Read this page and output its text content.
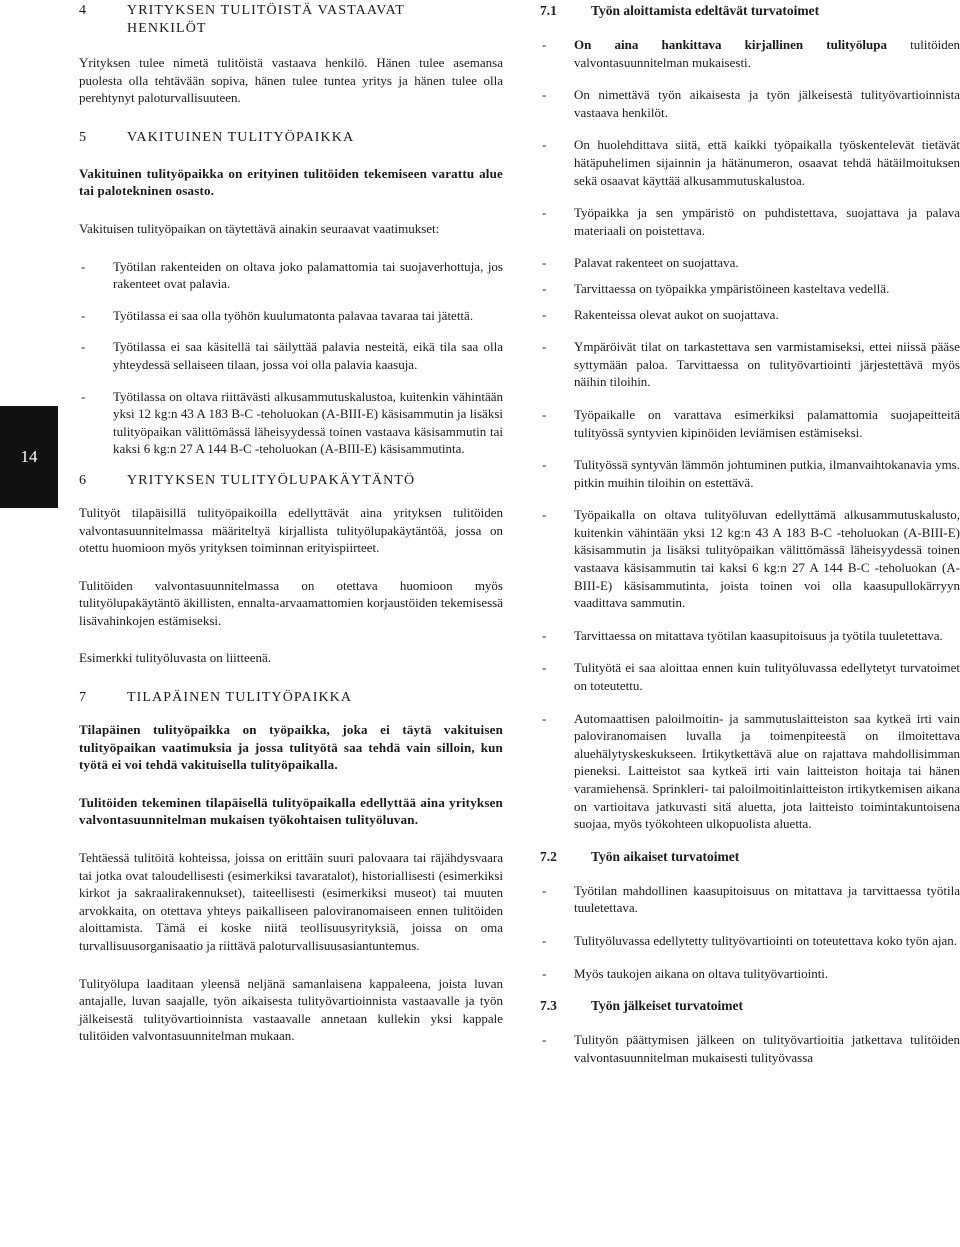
14
4	YRITYKSEN TULITÖISTÄ VASTAAVAT HENKILÖT

Yrityksen tulee nimetä tulitöistä vastaava henkilö. Hänen tulee asemansa puolesta olla tehtävään sopiva, hänen tulee tuntea yritys ja hänen tulee olla perehtynyt paloturvallisuuteen.

5	VAKITUINEN TULITYÖPAIKKA

Vakituinen tulityöpaikka on erityinen tulitöiden tekemiseen varattu alue tai palotekninen osasto.

Vakituisen tulityöpaikan on täytettävä ainakin seuraavat vaatimukset:

- Työtilan rakenteiden on oltava joko palamattomia tai suojaverhottuja, jos rakenteet ovat palavia.
- Työtilassa ei saa olla työhön kuulumatonta palavaa tavaraa tai jätettä.
- Työtilassa ei saa käsitellä tai säilyttää palavia nesteitä, eikä tila saa olla yhteydessä sellaiseen tilaan, jossa voi olla palavia kaasuja.
- Työtilassa on oltava riittävästi alkusammutuskalustoa, kuitenkin vähintään yksi 12 kg:n 43 A 183 B-C -teholuokan (A-BIII-E) käsisammutin ja lisäksi tulityöpaikan välittömässä läheisyydessä toinen vastaava käsisammutin tai kaksi 6 kg:n 27 A 144 B-C -teholuokan (A-BIII-E) käsisammutinta.
6	YRITYKSEN TULITYÖLUPAKÄYTÄNTÖ

Tulityöt tilapäisillä tulityöpaikoilla edellyttävät aina yrityksen tulitöiden valvontasuunnitelmassa määriteltyä kirjallista tulityölupakäytäntöä, jossa on otettu huomioon myös yrityksen toiminnan erityispiirteet.

Tulitöiden valvontasuunnitelmassa on otettava huomioon myös tulityölupakäytäntö äkillisten, ennalta-arvaamattomien korjaustöiden tekemisessä lisävahinkojen estämiseksi.

Esimerkki tulityöluvasta on liitteenä.

7	TILAPÄINEN TULITYÖPAIKKA

Tilapäinen tulityöpaikka on työpaikka, joka ei täytä vakituisen tulityöpaikan vaatimuksia ja jossa tulityötä saa tehdä vain silloin, kun työtä ei voi tehdä vakituisella tulityöpaikalla.

Tulitöiden tekeminen tilapäisellä tulityöpaikalla edellyttää aina yrityksen valvontasuunnitelman mukaisen työkohtaisen tulityöluvan.

Tehtäessä tulitöitä kohteissa, joissa on erittäin suuri palovaara tai räjähdysvaara tai jotka ovat taloudellisesti (esimerkiksi tavaratalot), historiallisesti (esimerkiksi kirkot ja sakraalirakennukset), taiteellisesti (esimerkiksi museot) tai muuten arvokkaita, on otettava yhteys paikalliseen paloviranomaiseen ennen tulitöiden aloittamista. Tämä ei koske niitä teollisuusyrityksiä, joissa on oma turvallisuusorganisaatio ja riittävä paloturvallisuusasiantuntemus.

Tulityölupa laaditaan yleensä neljänä samanlaisena kappaleena, joista luvan antajalle, luvan saajalle, työn aikaisesta tulityövartioinnista vastaavalle ja työn jälkeisestä tulityövartioinnista vastaavalle annetaan kullekin yksi kappale tulitöiden valvontasuunnitelman mukaan.

7.1	Työn aloittamista edeltävät turvatoimet
- On aina hankittava kirjallinen tulityölupa tulitöiden valvontasuunnitelman mukaisesti.
- On nimettävä työn aikaisesta ja työn jälkeisestä tulityövartioinnista vastaava henkilöt.
- On huolehdittava siitä, että kaikki työpaikalla työskentelevät tietävät hätäpuhelimen sijainnin ja hätänumeron, osaavat tehdä hätäilmoituksen sekä osaavat käyttää alkusammutuskalustoa.
- Työpaikka ja sen ympäristö on puhdistettava, suojattava ja palava materiaali on poistettava.
- Palavat rakenteet on suojattava.
- Tarvittaessa on työpaikka ympäristöineen kasteltava vedellä.
- Rakenteissa olevat aukot on suojattava.
- Ympäröivät tilat on tarkastettava sen varmistamiseksi, ettei niissä pääse syttymään paloa. Tarvittaessa on tulityövartiointi järjestettävä myös näihin tiloihin.
- Työpaikalle on varattava esimerkiksi palamattomia suojapeitteitä tulityössä syntyvien kipinöiden leviämisen estämiseksi.
- Tulityössä syntyvän lämmön johtuminen putkia, ilmanvaihtokanavia yms. pitkin muihin tiloihin on estettävä.
- Työpaikalla on oltava tulityöluvan edellyttämä alkusammutuskalusto, kuitenkin vähintään yksi 12 kg:n 43 A 183 B-C -teholuokan (A-BIII-E) käsisammutin ja lisäksi tulityöpaikan välittömässä läheisyydessä toinen vastaava käsisammutin tai kaksi 6 kg:n 27 A 144 B-C -teholuokan (A-BIII-E) käsisammutinta, joista toinen voi olla kaasupullokärryyn vaadittava sammutin.
- Tarvittaessa on mitattava työtilan kaasupitoisuus ja työtila tuuletettava.
- Tulityötä ei saa aloittaa ennen kuin tulityöluvassa edellytetyt turvatoimet on toteutettu.
- Automaattisen paloilmoitin- ja sammutuslaitteiston saa kytkeä irti vain paloviranomaisen luvalla ja toimenpiteestä on ilmoitettava aluehälytyskeskukseen. Irtikytkettävä alue on rajattava mahdollisimman pieneksi. Laitteistot saa kytkeä irti vain laitteiston hoitaja tai hänen varamiehensä. Sprinkleri- tai paloilmoitinlaitteiston irtikytkemisen aikana on vartioitava jatkuvasti sitä aluetta, jota laitteisto toimintakuntoisena suojaa, myös työkohteen ulkopuolista aluetta.
7.2	Työn aikaiset turvatoimet
- Työtilan mahdollinen kaasupitoisuus on mitattava ja tarvittaessa työtila tuuletettava.
- Tulityöluvassa edellytetty tulityövartiointi on toteutettava koko työn ajan.
- Myös taukojen aikana on oltava tulityövartiointi.
7.3	Työn jälkeiset turvatoimet
- Tulityön päättymisen jälkeen on tulityövartioitia jatkettava tulitöiden valvontasuunnitelman mukaisesti tulityövassa
